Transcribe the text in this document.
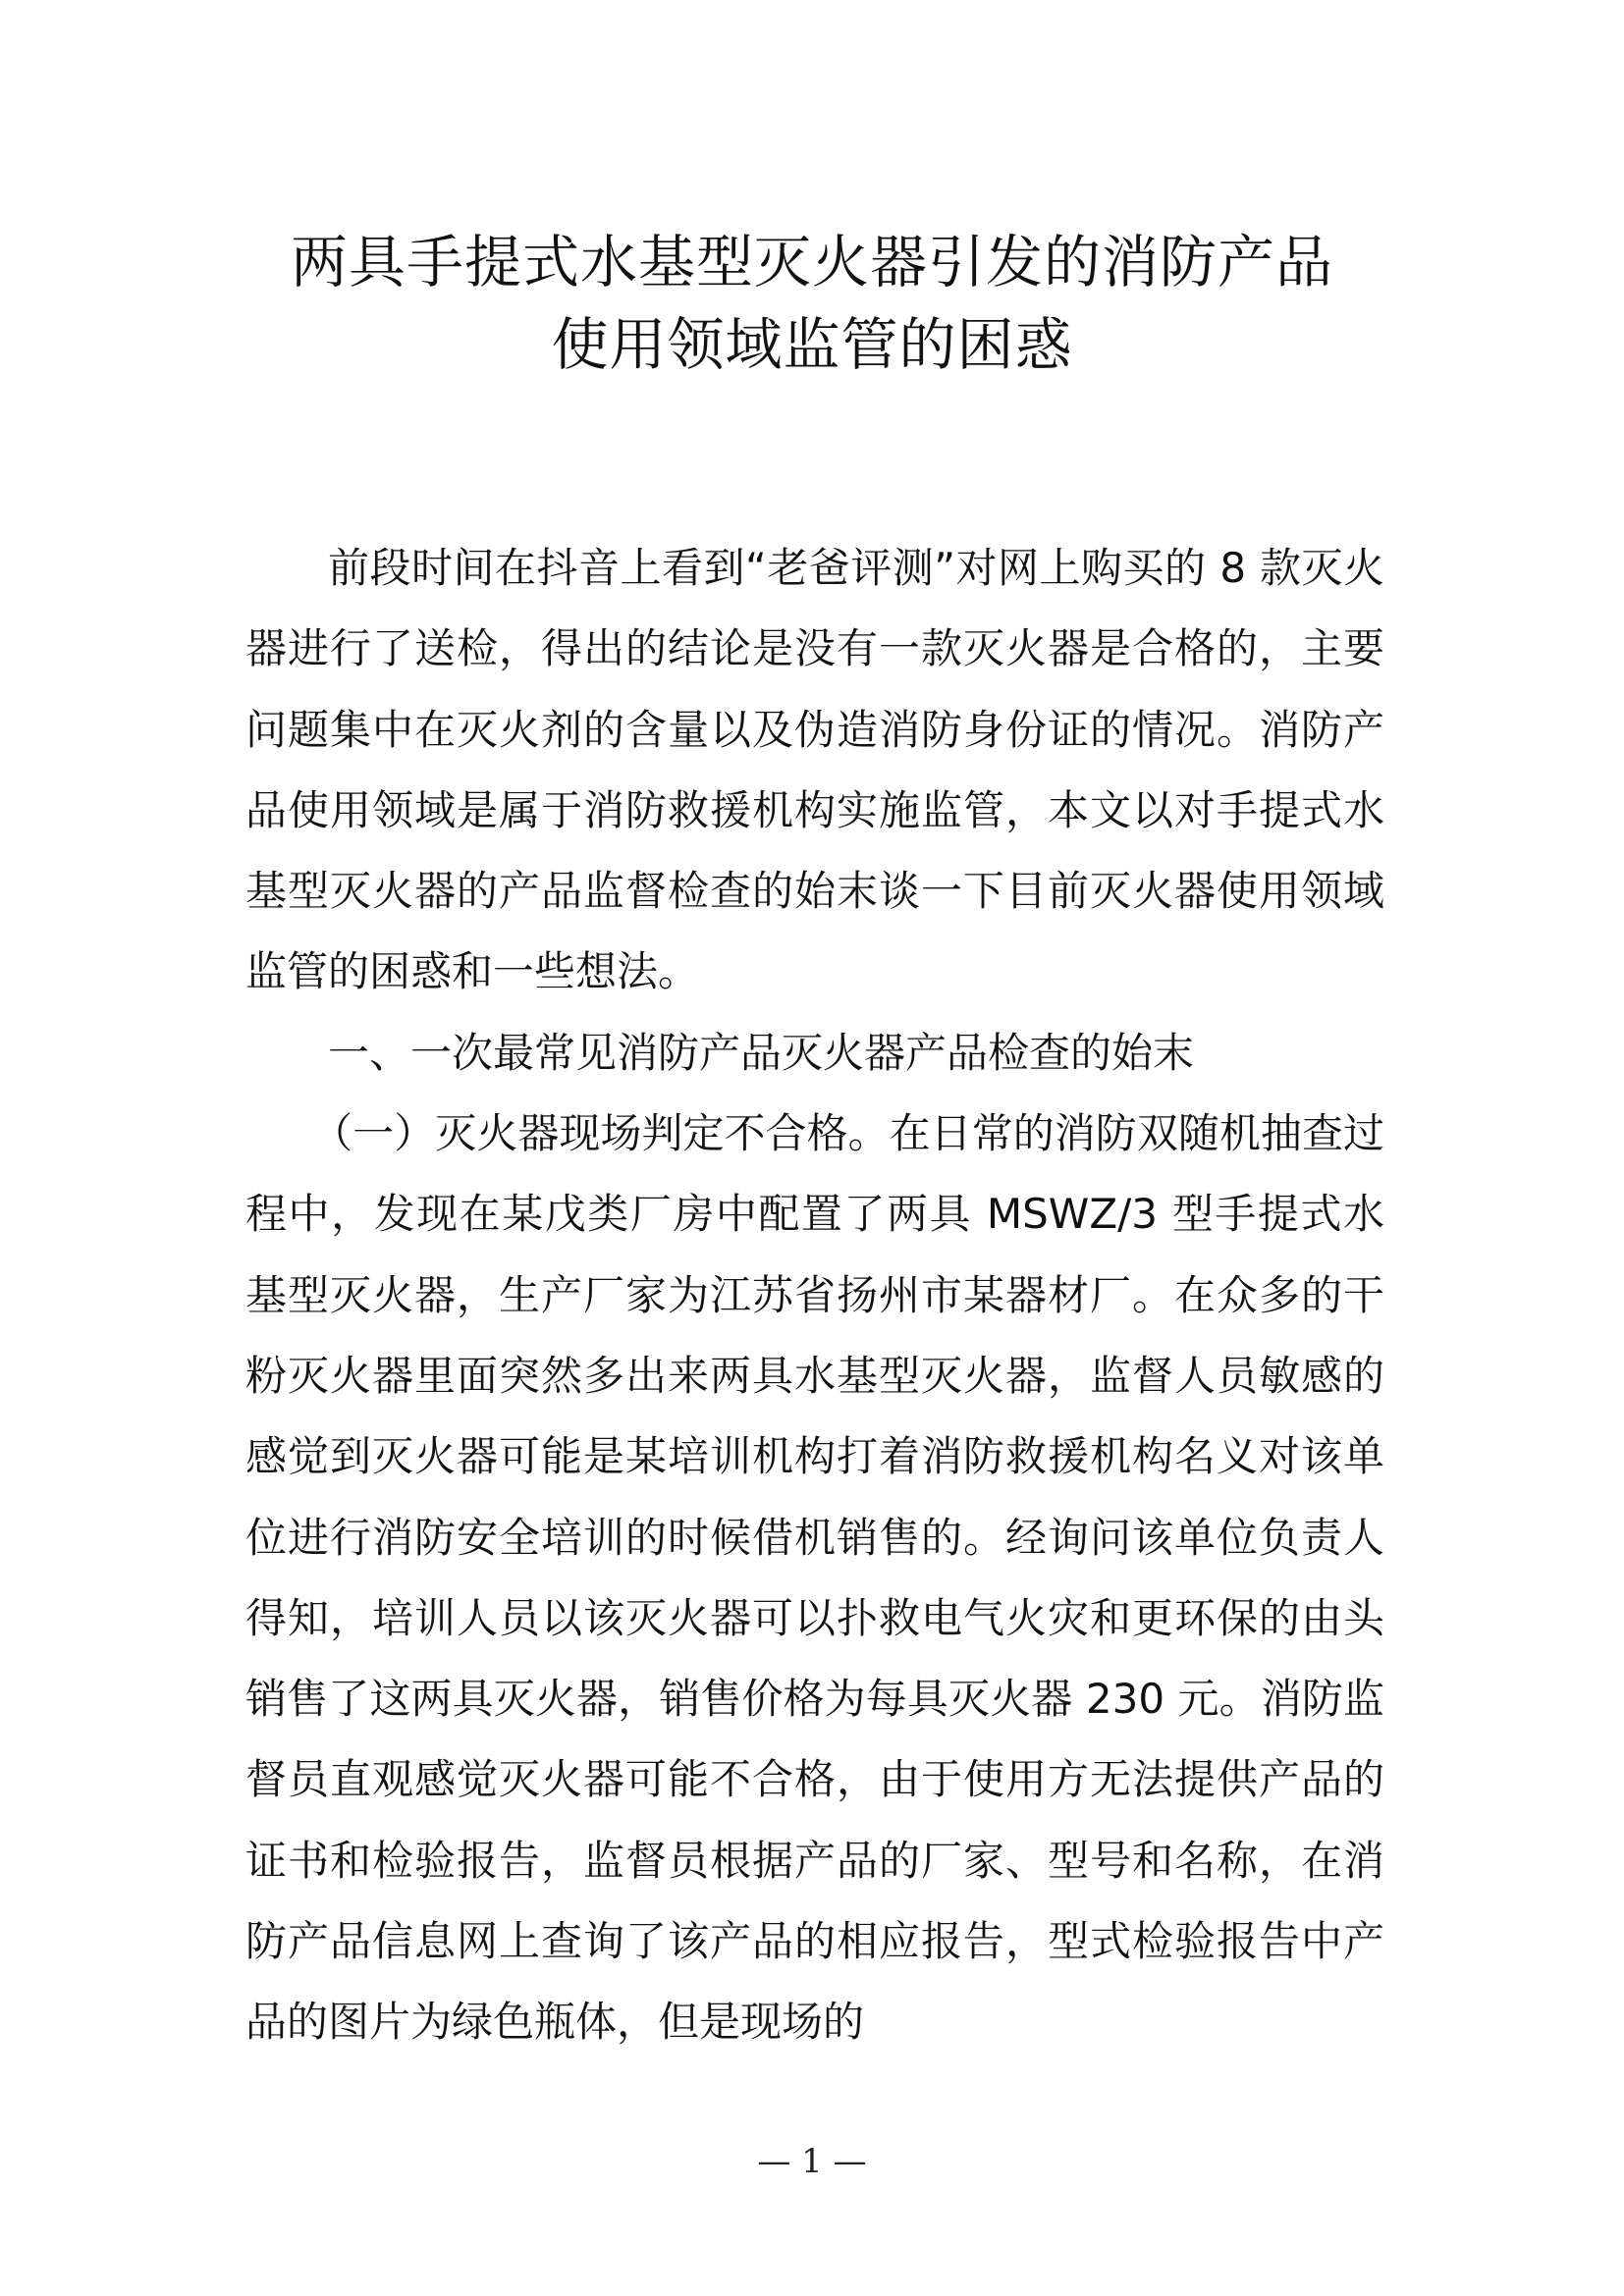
两具手提式水基型灭火器引发的消防产品
使用领域监管的困惑

前段时间在抖音上看到“老爸评测”对网上购买的 8 款灭火器进行了送检，得出的结论是没有一款灭火器是合格的，主要问题集中在灭火剂的含量以及伪造消防身份证的情况。消防产品使用领域是属于消防救援机构实施监管，本文以对手提式水基型灭火器的产品监督检查的始末谈一下目前灭火器使用领域监管的困惑和一些想法。

一、一次最常见消防产品灭火器产品检查的始末

（一）灭火器现场判定不合格。在日常的消防双随机抽查过程中，发现在某戊类厂房中配置了两具 MSWZ/3 型手提式水基型灭火器，生产厂家为江苏省扬州市某器材厂。在众多的干粉灭火器里面突然多出来两具水基型灭火器，监督人员敏感的感觉到灭火器可能是某培训机构打着消防救援机构名义对该单位进行消防安全培训的时候借机销售的。经询问该单位负责人得知，培训人员以该灭火器可以扑救电气火灾和更环保的由头销售了这两具灭火器，销售价格为每具灭火器 230 元。消防监督员直观感觉灭火器可能不合格，由于使用方无法提供产品的证书和检验报告，监督员根据产品的厂家、型号和名称，在消防产品信息网上查询了该产品的相应报告，型式检验报告中产品的图片为绿色瓶体，但是现场的

— 1 —
